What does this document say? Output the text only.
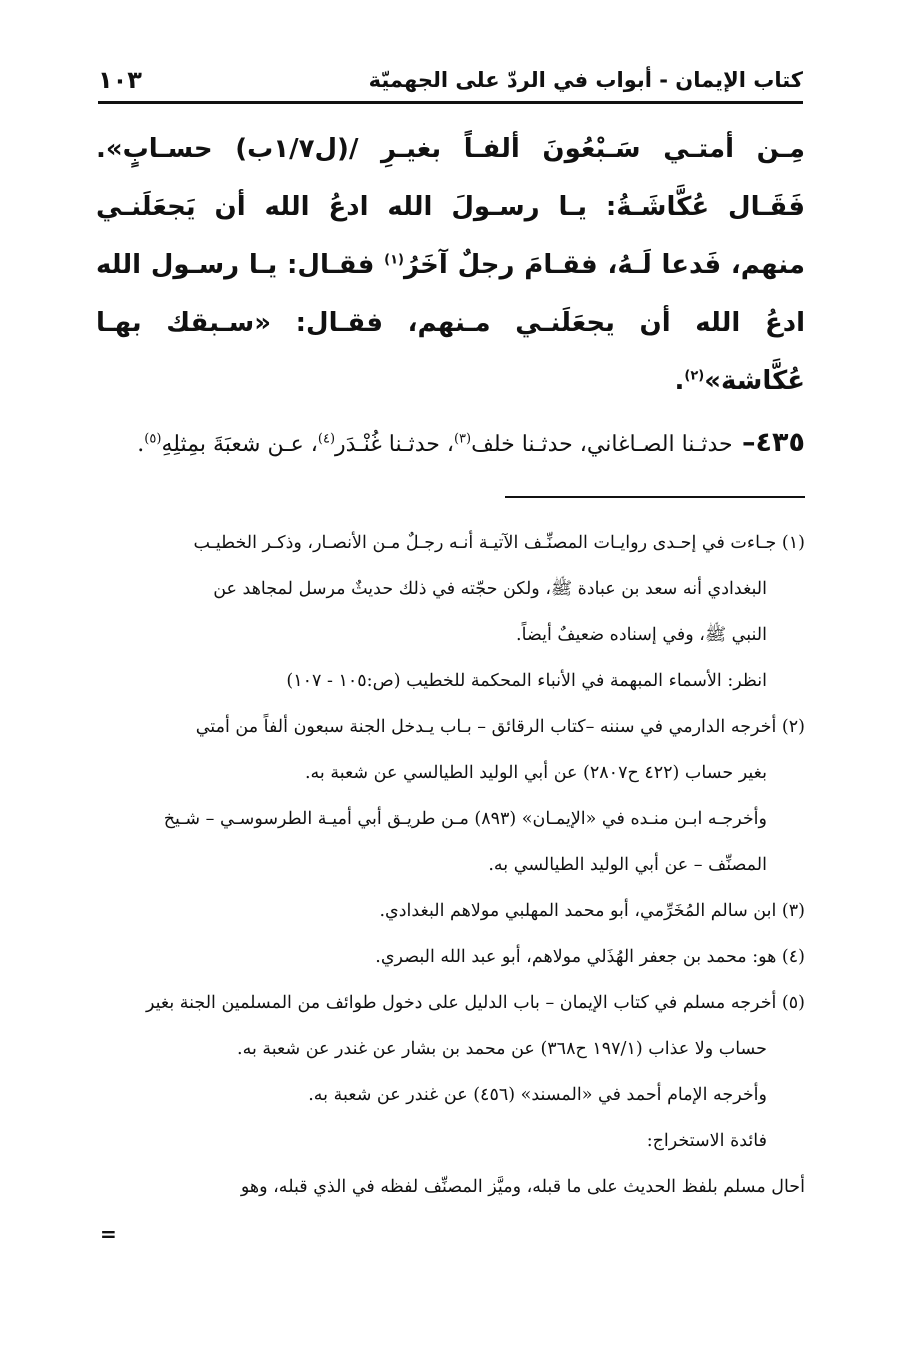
١٠٣	كتاب الإيمان - أبواب في الردّ على الجهميّة

مِـن أمتـي سَـبْعُونَ ألفـاً بغيـرِ /(ل١/٧ب) حسـابٍ». فَقَـال عُكَّاشَـةُ: يـا رسـولَ الله ادعُ الله أن يَجعَلَنـي منهم، فَدعا لَـهُ، فقـامَ رجلٌ آخَرُ$^{(١)}$ فقـال: يـا رسـول الله ادعُ الله أن يجعَلَنـي مـنهم، فقـال: «سـبقك بهـا عُكَّاشة»$^{(٢)}$.

٤٣٥– حدثـنا الصـاغاني، حدثـنا خلف$^{(٣)}$، حدثـنا غُنْـدَر$^{(٤)}$، عـن شعبَةَ بمِثلِهِ$^{(٥)}$.

(١) جـاءت في إحـدى روايـات المصنِّـف الآتيـة أنـه رجـلٌ مـن الأنصـار، وذكـر الخطيـب

البغدادي أنه سعد بن عبادة ﷺ، ولكن حجّته في ذلك حديثٌ مرسل لمجاهد عن

النبي ﷺ، وفي إسناده ضعيفٌ أيضاً.

انظر: الأسماء المبهمة في الأنباء المحكمة للخطيب (ص:١٠٥ - ١٠٧)

(٢) أخرجه الدارمي في سننه –كتاب الرقائق – بـاب يـدخل الجنة سبعون ألفاً من أمتي

بغير حساب (٤٢٢ ح٢٨٠٧) عن أبي الوليد الطيالسي عن شعبة به.

وأخرجـه ابـن منـده في «الإيمـان» (٨٩٣) مـن طريـق أبي أميـة الطرسوسـي – شـيخ

المصنِّف – عن أبي الوليد الطيالسي به.

(٣) ابن سالم المُخَرِّمي، أبو محمد المهلبي مولاهم البغدادي.

(٤) هو: محمد بن جعفر الهُذَلي مولاهم، أبو عبد الله البصري.

(٥) أخرجه مسلم في كتاب الإيمان – باب الدليل على دخول طوائف من المسلمين الجنة بغير

حساب ولا عذاب (١٩٧/١ ح٣٦٨) عن محمد بن بشار عن غندر عن شعبة به.

وأخرجه الإمام أحمد في «المسند» (٤٥٦) عن غندر عن شعبة به.

فائدة الاستخراج:

أحال مسلم بلفظ الحديث على ما قبله، وميَّز المصنِّف لفظه في الذي قبله، وهو

=
